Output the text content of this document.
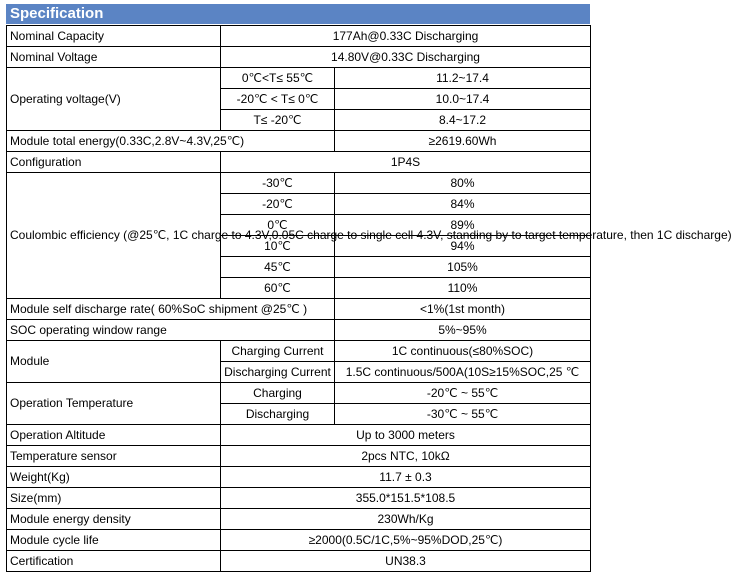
Specification
Nominal Capacity	177Ah@0.33C Discharging	
Nominal Voltage	14.80V@0.33C Discharging	
Operating voltage(V)	0℃<T≤ 55℃	11.2~17.4
	-20℃ < T≤ 0℃	10.0~17.4
	T≤ -20℃	8.4~17.2
Module total energy(0.33C,2.8V~4.3V,25℃)		≥2619.60Wh
Configuration	1P4S	
Coulombic efficiency (@25℃, 1C charge to 4.3V,0.05C charge to single cell 4.3V, standing by to target temperature, then 1C discharge)	-30℃	80%
	-20℃	84%
	0℃	89%
	10℃	94%
	45℃	105%
	60℃	110%
Module self discharge rate( 60%SoC shipment @25℃ )		<1%(1st month)
SOC operating window range		5%~95%
Module	Charging Current	1C continuous(≤80%SOC)
	Discharging Current	1.5C continuous/500A(10S≥15%SOC,25 ℃
Operation Temperature	Charging	-20℃ ~ 55℃
	Discharging	-30℃ ~ 55℃
Operation Altitude	Up to 3000 meters	
Temperature sensor	2pcs NTC, 10kΩ	
Weight(Kg)	11.7 ± 0.3	
Size(mm)	355.0*151.5*108.5	
Module energy density	230Wh/Kg	
Module cycle life	≥2000(0.5C/1C,5%~95%DOD,25℃)	
Certification	UN38.3	
